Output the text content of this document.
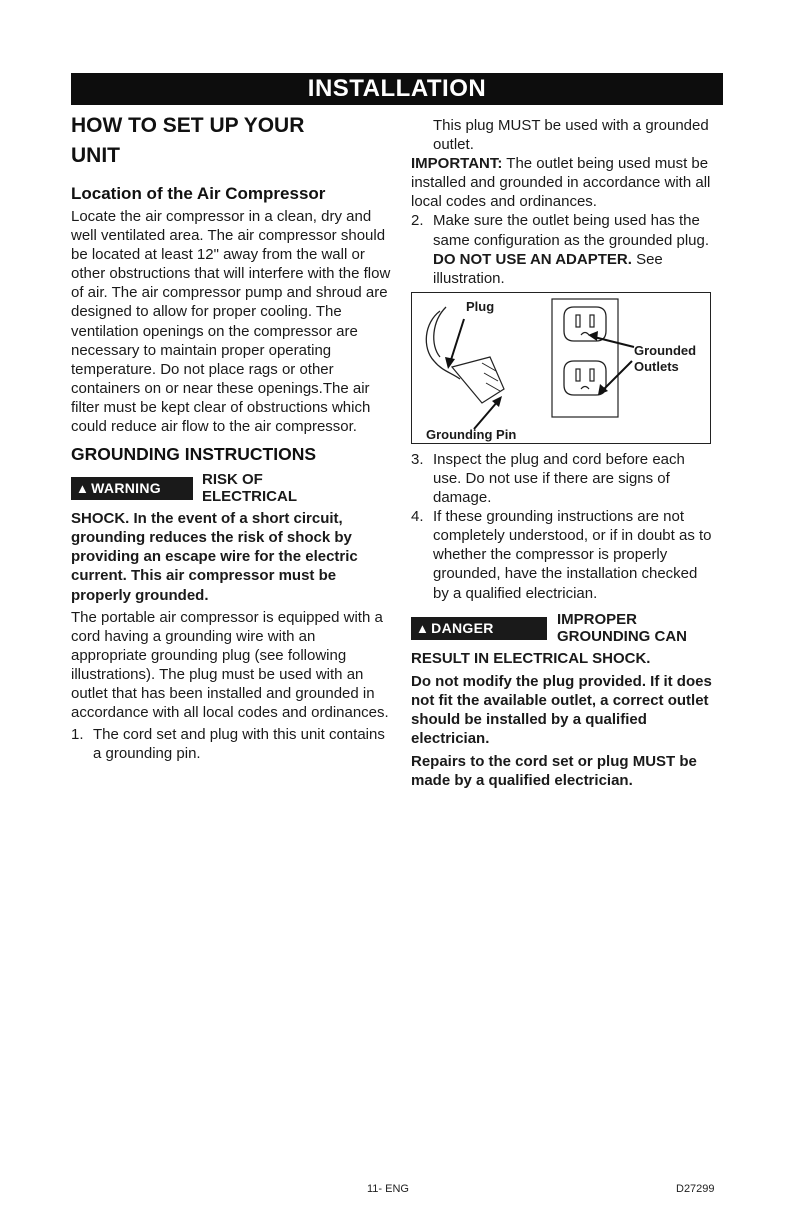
INSTALLATION
HOW TO SET UP YOUR
UNIT
Location of the Air Compressor

Locate the air compressor in a clean, dry and well ventilated area. The air compressor should be located at least 12" away from the wall or other obstructions that will interfere with the flow of air. The air compressor pump and shroud are designed to allow for proper cooling. The ventilation openings on the compressor are necessary to maintain proper operating temperature. Do not place rags or other containers on or near these openings.The air filter must be kept clear of obstructions which could reduce air flow to the air compressor.

GROUNDING INSTRUCTIONS
▲ WARNING	RISK OF
ELECTRICAL

SHOCK. In the event of a short circuit, grounding reduces the risk of shock by providing an escape wire for the electric current. This air compressor must be properly grounded.

The portable air compressor is equipped with a cord having a grounding wire with an appropriate grounding plug (see following illustrations). The plug must be used with an outlet that has been installed and grounded in accordance with all local codes and ordinances.

1. The cord set and plug with this unit contains a grounding pin.

This plug MUST be used with a grounded outlet.

IMPORTANT: The outlet being used must be installed and grounded in accordance with all local codes and ordinances.

2. Make sure the outlet being used has the same configuration as the grounded plug. DO NOT USE AN ADAPTER. See illustration.
Plug
Grounded
Outlets
Grounding Pin
3. Inspect the plug and cord before each use. Do not use if there are signs of damage.
4. If these grounding instructions are not completely understood, or if in doubt as to whether the compressor is properly grounded, have the installation checked by a qualified electrician.
▲ DANGER	IMPROPER
GROUNDING CAN

RESULT IN ELECTRICAL SHOCK.

Do not modify the plug provided. If it does not fit the available outlet, a correct outlet should be installed by a qualified electrician.

Repairs to the cord set or plug MUST be made by a qualified electrician.

11- ENG	D27299
